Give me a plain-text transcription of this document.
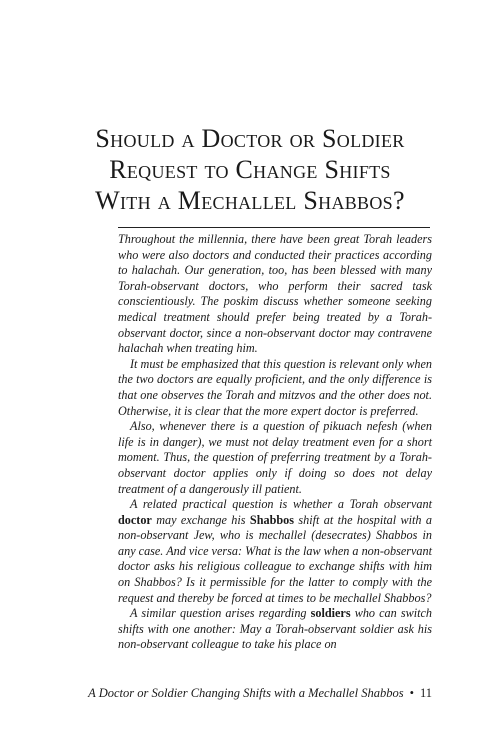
Should a Doctor or Soldier
Request to Change Shifts
With a Mechallel Shabbos?

Throughout the millennia, there have been great Torah leaders who were also doctors and conducted their practices according to halachah. Our generation, too, has been blessed with many Torah-observant doctors, who perform their sacred task conscientiously. The poskim discuss whether someone seeking medical treatment should prefer being treated by a Torah-observant doctor, since a non-observant doctor may contravene halachah when treating him.

It must be emphasized that this question is relevant only when the two doctors are equally proficient, and the only difference is that one observes the Torah and mitzvos and the other does not. Otherwise, it is clear that the more expert doctor is preferred.

Also, whenever there is a question of pikuach nefesh (when life is in danger), we must not delay treatment even for a short moment. Thus, the question of preferring treatment by a Torah-observant doctor applies only if doing so does not delay treatment of a dangerously ill patient.

A related practical question is whether a Torah observant doctor may exchange his Shabbos shift at the hospital with a non-observant Jew, who is mechallel (desecrates) Shabbos in any case. And vice versa: What is the law when a non-observant doctor asks his religious colleague to exchange shifts with him on Shabbos? Is it permissible for the latter to comply with the request and thereby be forced at times to be mechallel Shabbos?

A similar question arises regarding soldiers who can switch shifts with one another: May a Torah-observant soldier ask his non-observant colleague to take his place on

A Doctor or Soldier Changing Shifts with a Mechallel Shabbos • 11
